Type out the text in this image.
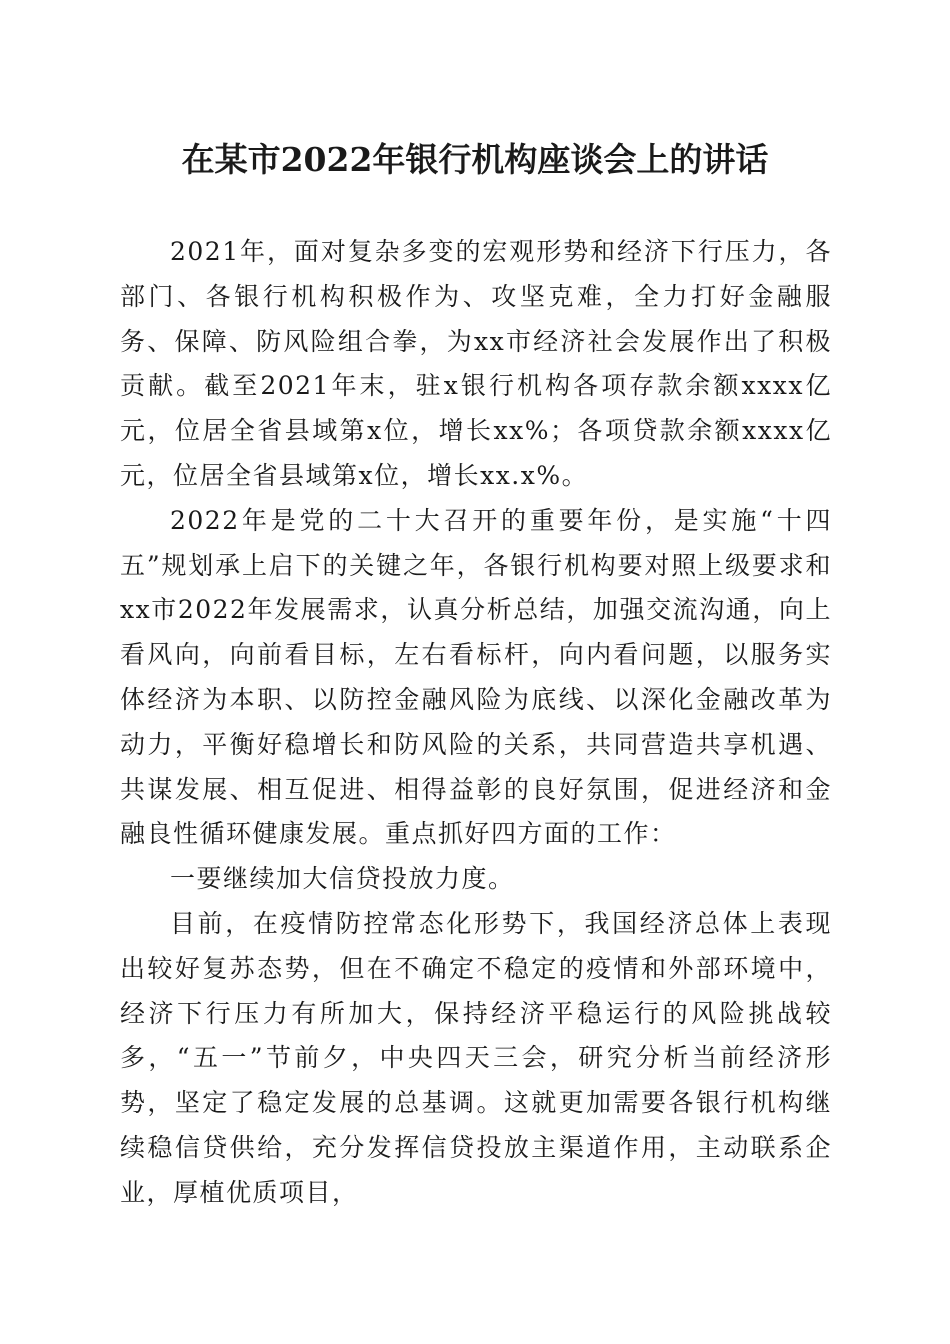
在某市2022年银行机构座谈会上的讲话

2021年，面对复杂多变的宏观形势和经济下行压力，各部门、各银行机构积极作为、攻坚克难，全力打好金融服务、保障、防风险组合拳，为xx市经济社会发展作出了积极贡献。截至2021年末，驻x银行机构各项存款余额xxxx亿元，位居全省县域第x位，增长xx%；各项贷款余额xxxx亿元，位居全省县域第x位，增长xx.x%。

2022年是党的二十大召开的重要年份，是实施“十四五”规划承上启下的关键之年，各银行机构要对照上级要求和xx市2022年发展需求，认真分析总结，加强交流沟通，向上看风向，向前看目标，左右看标杆，向内看问题，以服务实体经济为本职、以防控金融风险为底线、以深化金融改革为动力，平衡好稳增长和防风险的关系，共同营造共享机遇、共谋发展、相互促进、相得益彰的良好氛围，促进经济和金融良性循环健康发展。重点抓好四方面的工作：

一要继续加大信贷投放力度。

目前，在疫情防控常态化形势下，我国经济总体上表现出较好复苏态势，但在不确定不稳定的疫情和外部环境中，经济下行压力有所加大，保持经济平稳运行的风险挑战较多，“五一”节前夕，中央四天三会，研究分析当前经济形势，坚定了稳定发展的总基调。这就更加需要各银行机构继续稳信贷供给，充分发挥信贷投放主渠道作用，主动联系企业，厚植优质项目，
